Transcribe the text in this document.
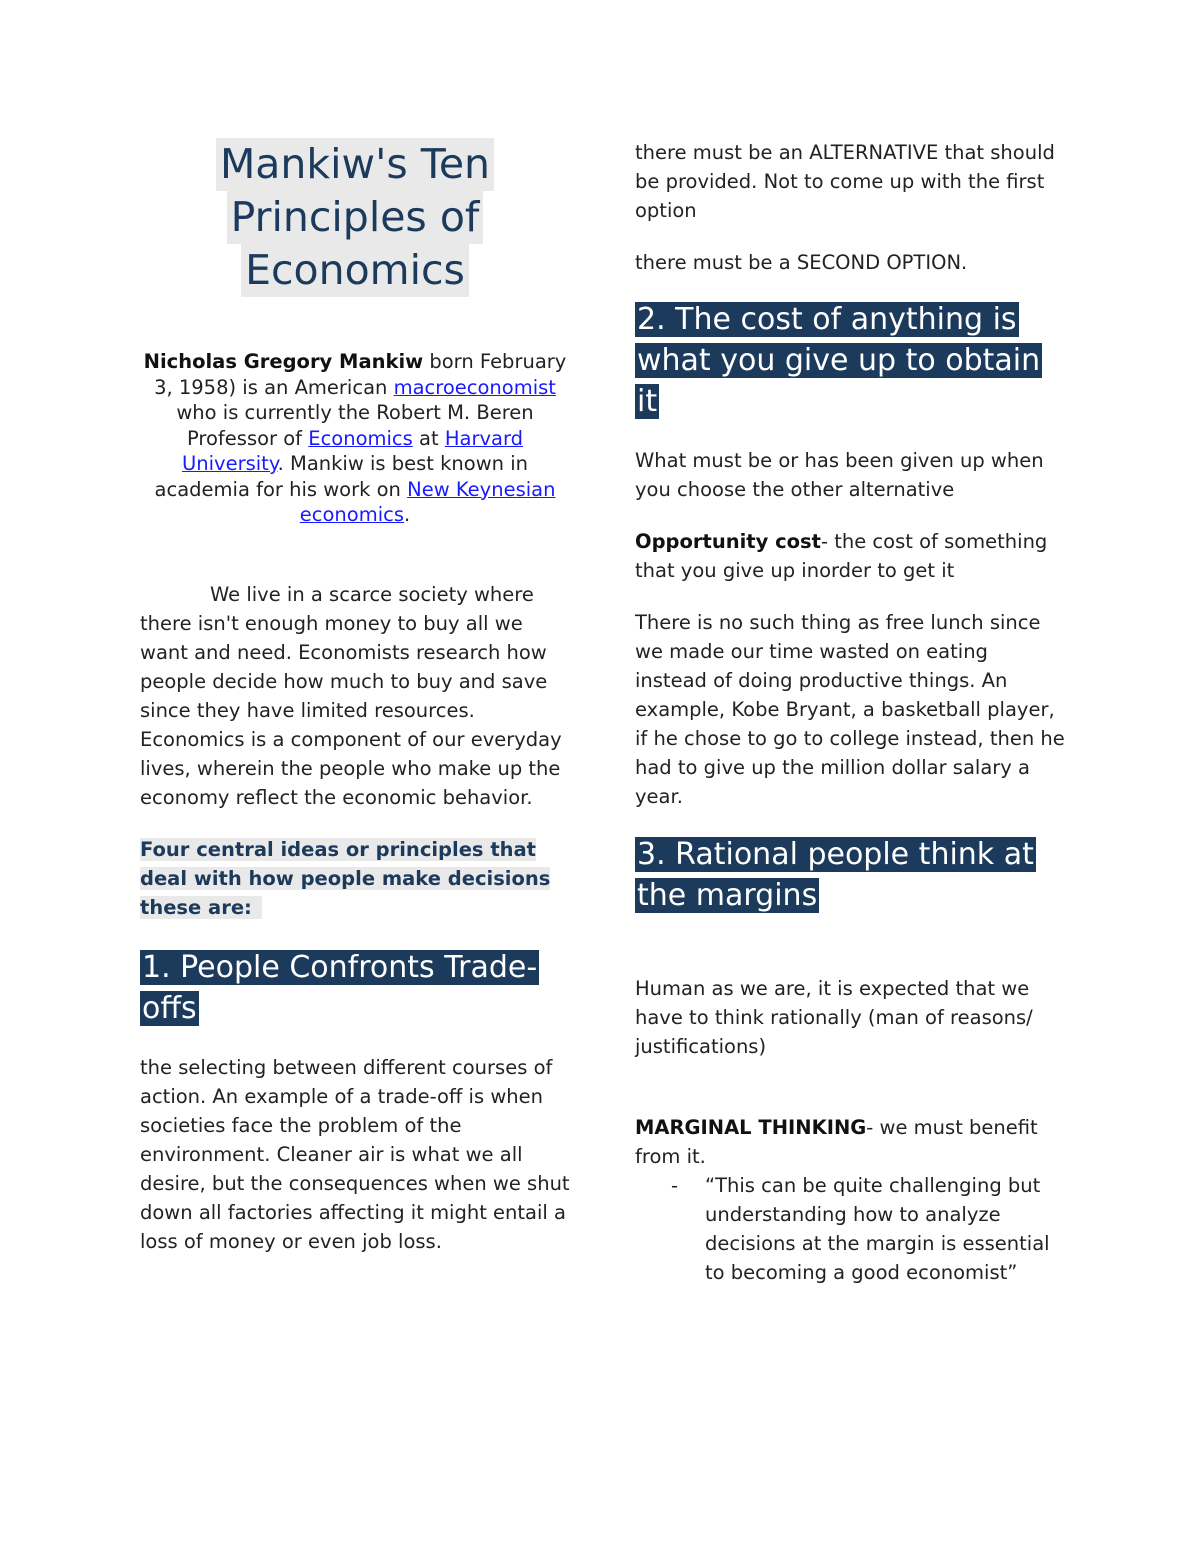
Mankiw's Ten
Principles of
Economics

Nicholas Gregory Mankiw born February 3, 1958) is an American macroeconomist who is currently the Robert M. Beren Professor of Economics at Harvard University. Mankiw is best known in academia for his work on New Keynesian economics.

We live in a scarce society where there isn't enough money to buy all we want and need. Economists research how people decide how much to buy and save since they have limited resources. Economics is a component of our everyday lives, wherein the people who make up the economy reflect the economic behavior.

Four central ideas or principles that deal with how people make decisions these are:

1. People Confronts Trade-offs

the selecting between different courses of action. An example of a trade-off is when societies face the problem of the environment. Cleaner air is what we all desire, but the consequences when we shut down all factories affecting it might entail a loss of money or even job loss.

there must be an ALTERNATIVE that should be provided. Not to come up with the first option

there must be a SECOND OPTION.

2. The cost of anything is what you give up to obtain it

What must be or has been given up when you choose the other alternative

Opportunity cost- the cost of something that you give up inorder to get it

There is no such thing as free lunch since we made our time wasted on eating instead of doing productive things. An example, Kobe Bryant, a basketball player, if he chose to go to college instead, then he had to give up the million dollar salary a year.

3. Rational people think at the margins

Human as we are, it is expected that we have to think rationally (man of reasons/ justifications)

MARGINAL THINKING- we must benefit from it.

- “This can be quite challenging but understanding how to analyze decisions at the margin is essential to becoming a good economist”
